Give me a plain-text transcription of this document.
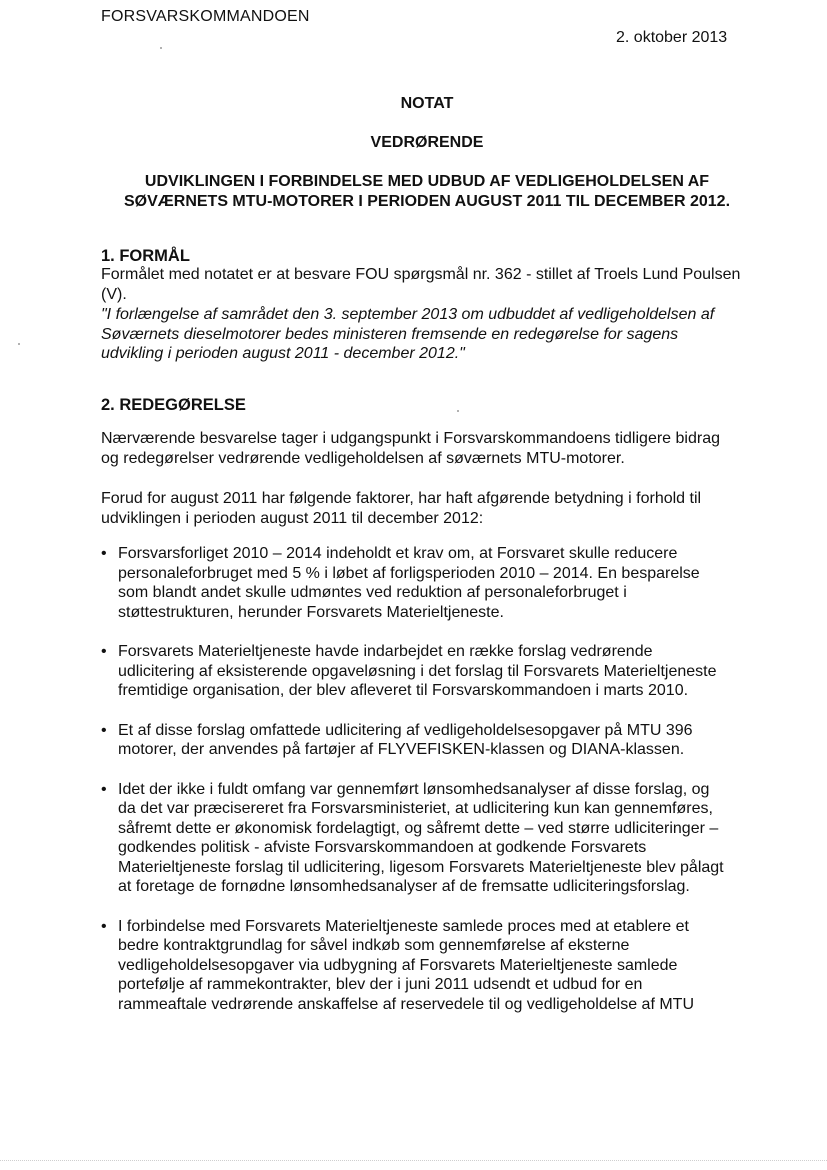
FORSVARSKOMMANDOEN
2. oktober 2013
NOTAT
VEDRØRENDE
UDVIKLINGEN I FORBINDELSE MED UDBUD AF VEDLIGEHOLDELSEN AF
SØVÆRNETS MTU-MOTORER I PERIODEN AUGUST 2011 TIL DECEMBER 2012.
1. FORMÅL

Formålet med notatet er at besvare FOU spørgsmål nr. 362 - stillet af Troels Lund Poulsen (V).

"I forlængelse af samrådet den 3. september 2013 om udbuddet af vedligeholdelsen af Søværnets dieselmotorer bedes ministeren fremsende en redegørelse for sagens udvikling i perioden august 2011 - december 2012."

2. REDEGØRELSE

Nærværende besvarelse tager i udgangspunkt i Forsvarskommandoens tidligere bidrag og redegørelser vedrørende vedligeholdelsen af søværnets MTU-motorer.

Forud for august 2011 har følgende faktorer, har haft afgørende betydning i forhold til udviklingen i perioden august 2011 til december 2012:

• Forsvarsforliget 2010 – 2014 indeholdt et krav om, at Forsvaret skulle reducere personaleforbruget med 5 % i løbet af forligsperioden 2010 – 2014. En besparelse som blandt andet skulle udmøntes ved reduktion af personaleforbruget i støttestrukturen, herunder Forsvarets Materieltjeneste.
• Forsvarets Materieltjeneste havde indarbejdet en række forslag vedrørende udlicitering af eksisterende opgaveløsning i det forslag til Forsvarets Materieltjeneste fremtidige organisation, der blev afleveret til Forsvarskommandoen i marts 2010.
• Et af disse forslag omfattede udlicitering af vedligeholdelsesopgaver på MTU 396 motorer, der anvendes på fartøjer af FLYVEFISKEN-klassen og DIANA-klassen.
• Idet der ikke i fuldt omfang var gennemført lønsomhedsanalyser af disse forslag, og da det var præcisereret fra Forsvarsministeriet, at udlicitering kun kan gennemføres, såfremt dette er økonomisk fordelagtigt, og såfremt dette – ved større udliciteringer – godkendes politisk - afviste Forsvarskommandoen at godkende Forsvarets Materieltjeneste forslag til udlicitering, ligesom Forsvarets Materieltjeneste blev pålagt at foretage de fornødne lønsomhedsanalyser af de fremsatte udliciteringsforslag.
• I forbindelse med Forsvarets Materieltjeneste samlede proces med at etablere et bedre kontraktgrundlag for såvel indkøb som gennemførelse af eksterne vedligeholdelsesopgaver via udbygning af Forsvarets Materieltjeneste samlede portefølje af rammekontrakter, blev der i juni 2011 udsendt et udbud for en rammeaftale vedrørende anskaffelse af reservedele til og vedligeholdelse af MTU
